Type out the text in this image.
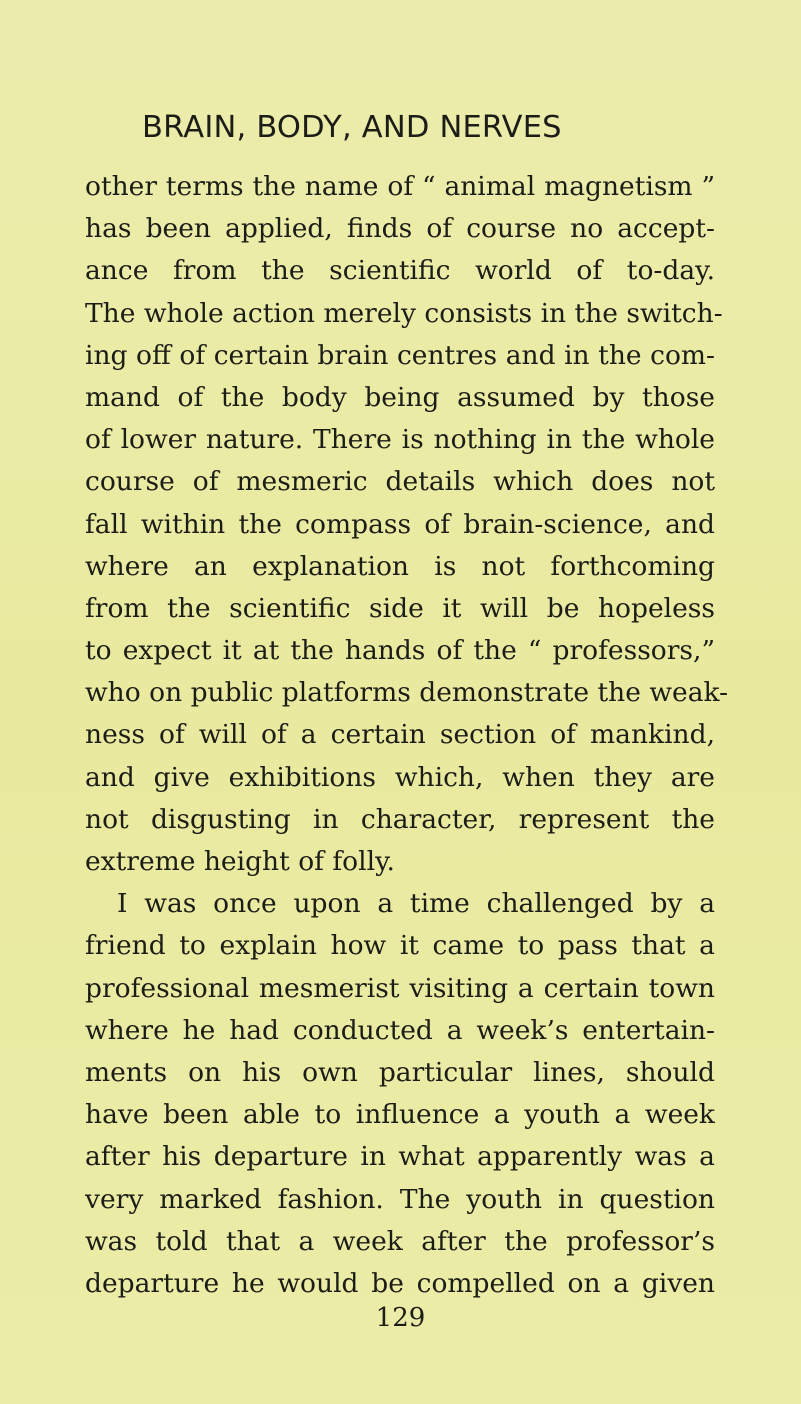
BRAIN, BODY, AND NERVES
other terms the name of “ animal magnetism ”
has been applied, finds of course no accept-
ance from the scientific world of to-day.
The whole action merely consists in the switch-
ing off of certain brain centres and in the com-
mand of the body being assumed by those
of lower nature. There is nothing in the whole
course of mesmeric details which does not
fall within the compass of brain-science, and
where an explanation is not forthcoming
from the scientific side it will be hopeless
to expect it at the hands of the “ professors,”
who on public platforms demonstrate the weak-
ness of will of a certain section of mankind,
and give exhibitions which, when they are
not disgusting in character, represent the
extreme height of folly.
I was once upon a time challenged by a
friend to explain how it came to pass that a
professional mesmerist visiting a certain town
where he had conducted a week’s entertain-
ments on his own particular lines, should
have been able to influence a youth a week
after his departure in what apparently was a
very marked fashion. The youth in question
was told that a week after the professor’s
departure he would be compelled on a given
129
